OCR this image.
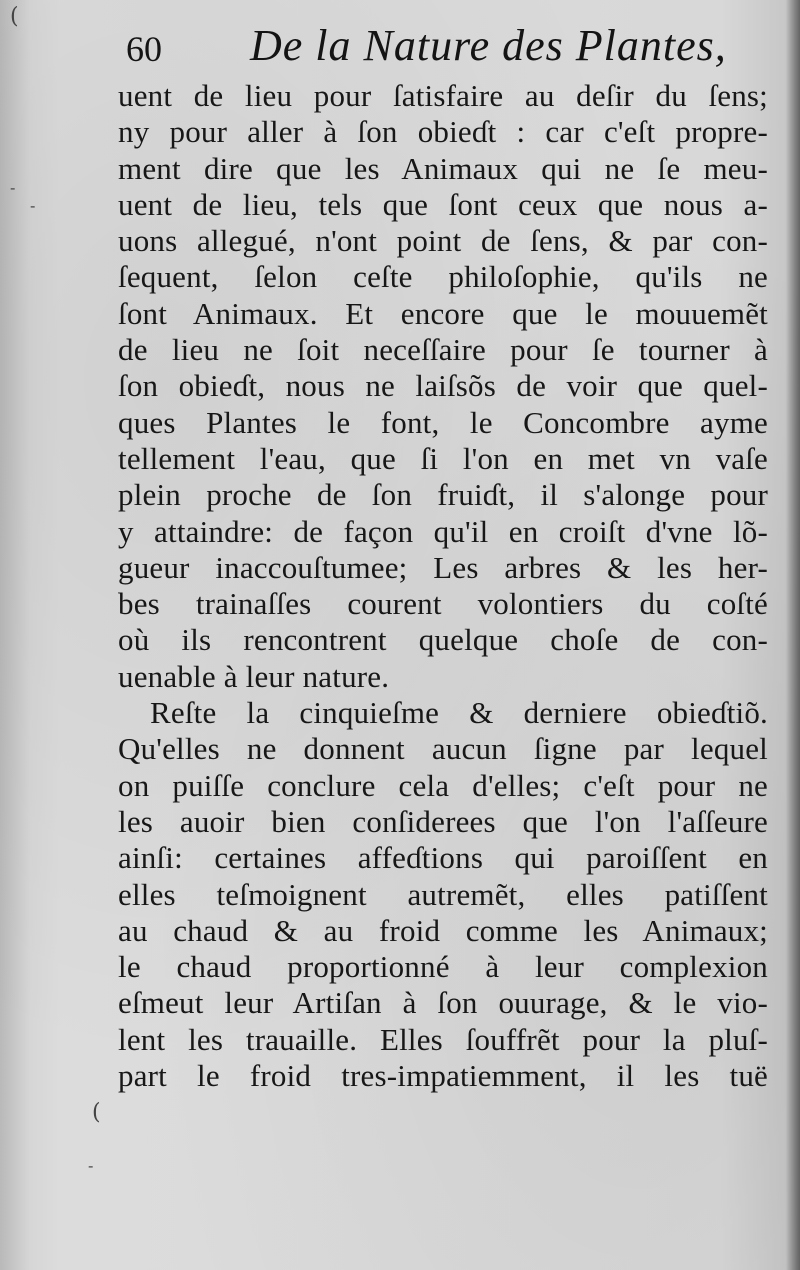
(
-
-
(
-
60 De la Nature des Plantes,
uent de lieu pour ſatisfaire au deſir du ſens;
ny pour aller à ſon obieɗt : car c'eſt propre-
ment dire que les Animaux qui ne ſe meu-
uent de lieu, tels que ſont ceux que nous a-
uons allegué, n'ont point de ſens, & par con-
ſequent, ſelon ceſte philoſophie, qu'ils ne
ſont Animaux. Et encore que le mouuemẽt
de lieu ne ſoit neceſſaire pour ſe tourner à
ſon obieɗt, nous ne laiſsõs de voir que quel-
ques Plantes le font, le Concombre ayme
tellement l'eau, que ſi l'on en met vn vaſe
plein proche de ſon fruiɗt, il s'alonge pour
y attaindre: de façon qu'il en croiſt d'vne lõ-
gueur inaccouſtumee; Les arbres & les her-
bes trainaſſes courent volontiers du coſté
où ils rencontrent quelque choſe de con-
uenable à leur nature.
Reſte la cinquieſme & derniere obieɗtiõ.
Qu'elles ne donnent aucun ſigne par lequel
on puiſſe conclure cela d'elles; c'eſt pour ne
les auoir bien conſiderees que l'on l'aſſeure
ainſi: certaines affeɗtions qui paroiſſent en
elles teſmoignent autremẽt, elles patiſſent
au chaud & au froid comme les Animaux;
le chaud proportionné à leur complexion
eſmeut leur Artiſan à ſon ouurage, & le vio-
lent les trauaille. Elles ſouffrẽt pour la pluſ-
part le froid tres-impatiemment, il les tuë
